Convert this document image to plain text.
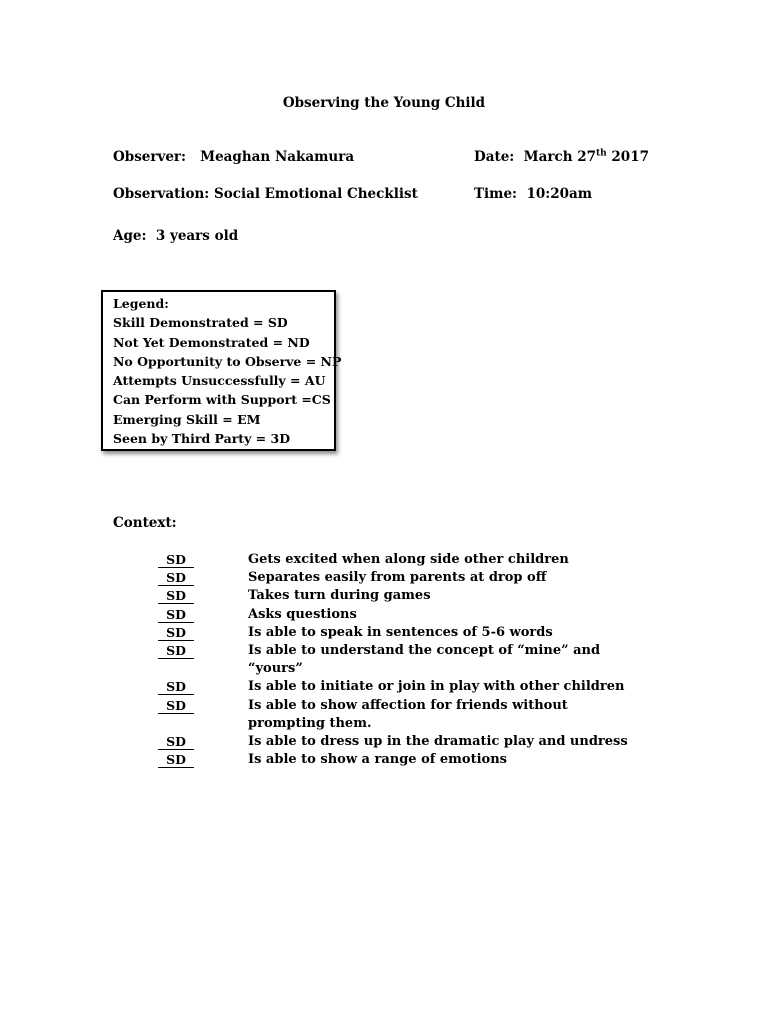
Observing the Young Child
Observer: Meaghan Nakamura	Date: March 27th 2017
Observation: Social Emotional Checklist	Time: 10:20am
Age: 3 years old
Legend:
Skill Demonstrated = SD
Not Yet Demonstrated = ND
No Opportunity to Observe = NP
Attempts Unsuccessfully = AU
Can Perform with Support =CS
Emerging Skill = EM
Seen by Third Party = 3D
Context:
SD	Gets excited when along side other children
SD	Separates easily from parents at drop off
SD	Takes turn during games
SD	Asks questions
SD	Is able to speak in sentences of 5-6 words
SD	Is able to understand the concept of “mine” and “yours”
SD	Is able to initiate or join in play with other children
SD	Is able to show affection for friends without prompting them.
SD	Is able to dress up in the dramatic play and undress
SD	Is able to show a range of emotions
